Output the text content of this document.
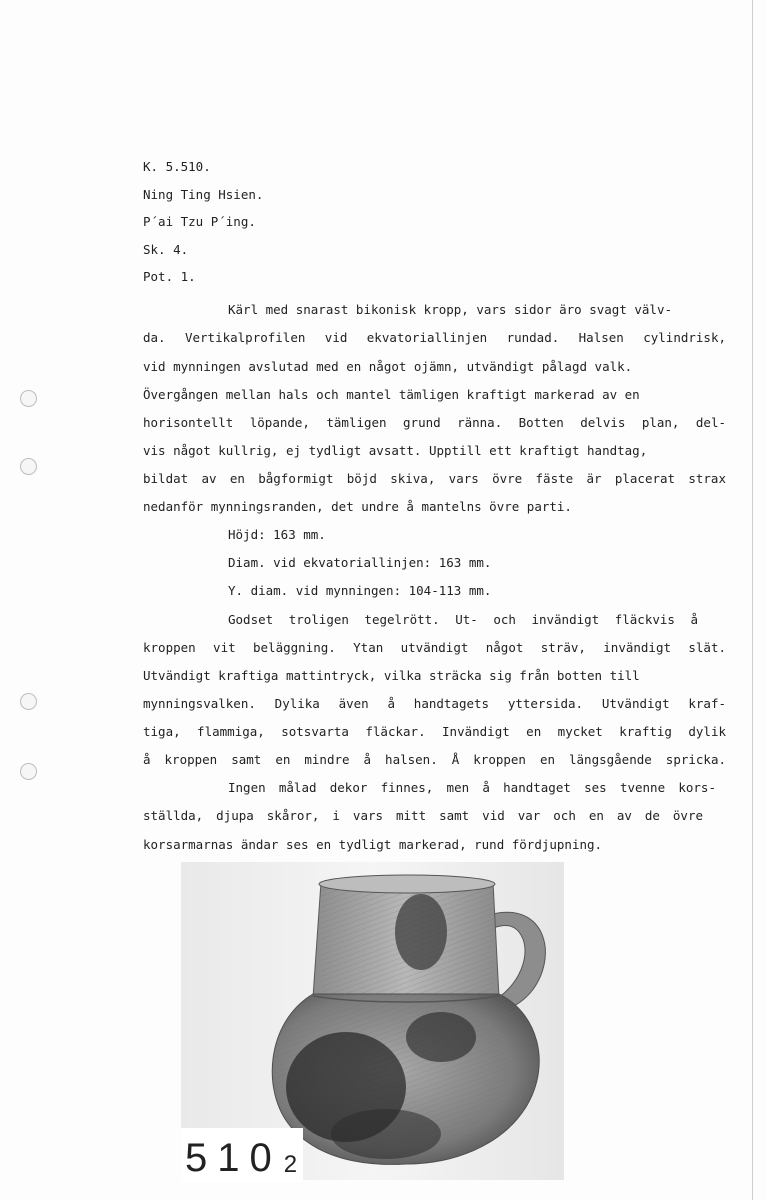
K. 5.510.
Ning Ting Hsien.
P´ai Tzu P´ing.
Sk. 4.
Pot. 1.
Kärl med snarast bikonisk kropp, vars sidor äro svagt välv-
da. Vertikalprofilen vid ekvatoriallinjen rundad. Halsen cylindrisk,
vid mynningen avslutad med en något ojämn, utvändigt pålagd valk.
Övergången mellan hals och mantel tämligen kraftigt markerad av en
horisontellt löpande, tämligen grund ränna. Botten delvis plan, del-
vis något kullrig, ej tydligt avsatt. Upptill ett kraftigt handtag,
bildat av en bågformigt böjd skiva, vars övre fäste är placerat strax
nedanför mynningsranden, det undre å mantelns övre parti.
Höjd: 163 mm.
Diam. vid ekvatoriallinjen: 163 mm.
Y. diam. vid mynningen: 104-113 mm.
Godset troligen tegelrött. Ut- och invändigt fläckvis å
kroppen vit beläggning. Ytan utvändigt något sträv, invändigt slät.
Utvändigt kraftiga mattintryck, vilka sträcka sig från botten till
mynningsvalken. Dylika även å handtagets yttersida. Utvändigt kraf-
tiga, flammiga, sotsvarta fläckar. Invändigt en mycket kraftig dylik
å kroppen samt en mindre å halsen. Å kroppen en längsgående spricka.
Ingen målad dekor finnes, men å handtaget ses tvenne kors-
ställda, djupa skåror, i vars mitt samt vid var och en av de övre
korsarmarnas ändar ses en tydligt markerad, rund fördjupning.
510 2
